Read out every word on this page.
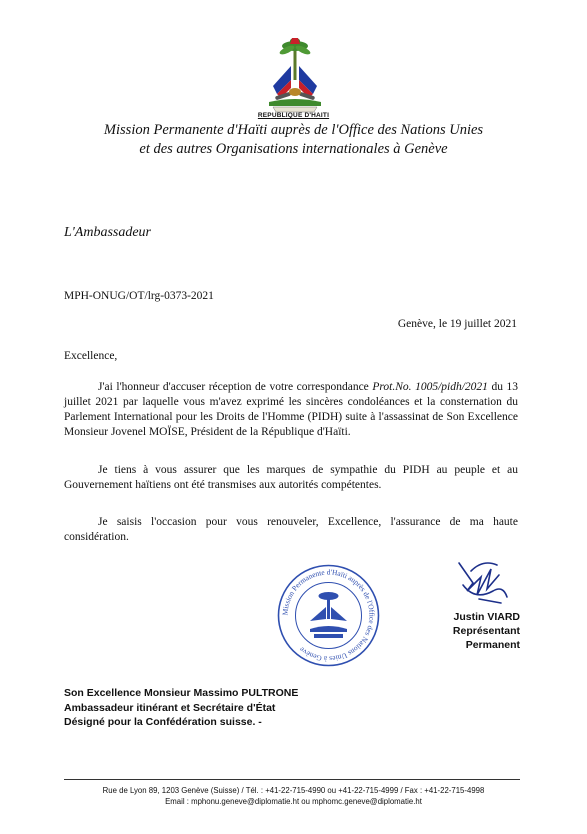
REPUBLIQUE D'HAITI
Mission Permanente d'Haïti auprès de l'Office des Nations Unies
et des autres Organisations internationales à Genève
L'Ambassadeur
MPH-ONUG/OT/lrg-0373-2021
Genève, le 19 juillet 2021
Excellence,
J'ai l'honneur d'accuser réception de votre correspondance Prot.No. 1005/pidh/2021 du 13 juillet 2021 par laquelle vous m'avez exprimé les sincères condoléances et la consternation du Parlement International pour les Droits de l'Homme (PIDH) suite à l'assassinat de Son Excellence Monsieur Jovenel MOÏSE, Président de la République d'Haïti.
Je tiens à vous assurer que les marques de sympathie du PIDH au peuple et au Gouvernement haïtiens ont été transmises aux autorités compétentes.
Je saisis l'occasion pour vous renouveler, Excellence, l'assurance de ma haute considération.
Mission Permanente d'Haïti auprès de l'Office des Nations Unies à Genève
Justin VIARD
Représentant Permanent
Son Excellence Monsieur Massimo PULTRONE
Ambassadeur itinérant et Secrétaire d'État
Désigné pour la Confédération suisse. -
Rue de Lyon 89, 1203 Genève (Suisse) / Tél. : +41-22-715-4990 ou +41-22-715-4999 / Fax : +41-22-715-4998
Email : mphonu.geneve@diplomatie.ht ou mphomc.geneve@diplomatie.ht
